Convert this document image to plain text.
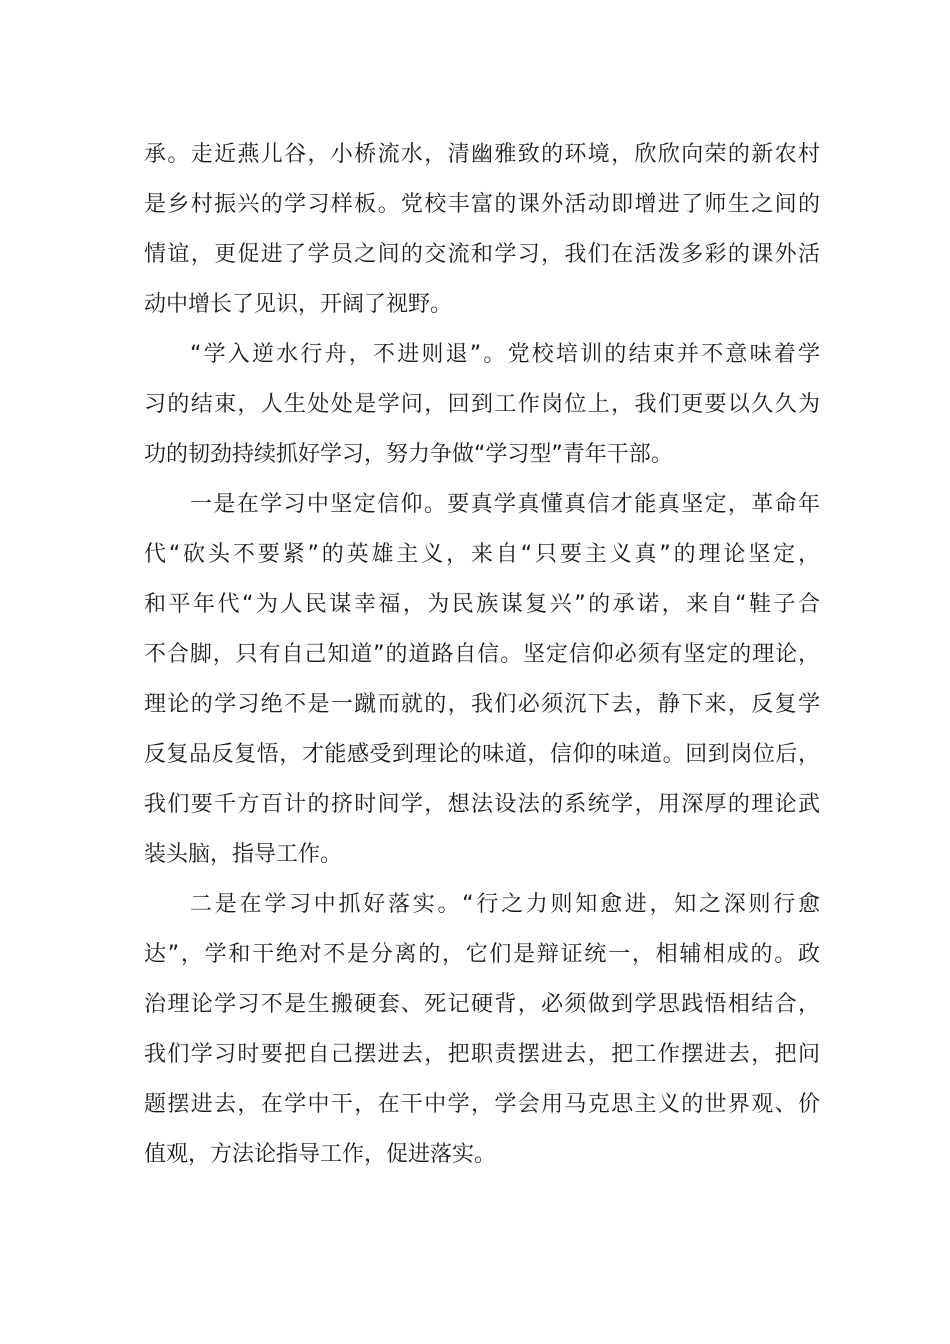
承。走近燕儿谷，小桥流水，清幽雅致的环境，欣欣向荣的新农村
是乡村振兴的学习样板。党校丰富的课外活动即增进了师生之间的
情谊，更促进了学员之间的交流和学习，我们在活泼多彩的课外活
动中增长了见识，开阔了视野。
“学入逆水行舟，不进则退”。党校培训的结束并不意味着学
习的结束，人生处处是学问，回到工作岗位上，我们更要以久久为
功的韧劲持续抓好学习，努力争做“学习型”青年干部。
一是在学习中坚定信仰。要真学真懂真信才能真坚定，革命年
代“砍头不要紧”的英雄主义，来自“只要主义真”的理论坚定，
和平年代“为人民谋幸福，为民族谋复兴”的承诺，来自“鞋子合
不合脚，只有自己知道”的道路自信。坚定信仰必须有坚定的理论，
理论的学习绝不是一蹴而就的，我们必须沉下去，静下来，反复学
反复品反复悟，才能感受到理论的味道，信仰的味道。回到岗位后，
我们要千方百计的挤时间学，想法设法的系统学，用深厚的理论武
装头脑，指导工作。
二是在学习中抓好落实。“行之力则知愈进，知之深则行愈
达”，学和干绝对不是分离的，它们是辩证统一，相辅相成的。政
治理论学习不是生搬硬套、死记硬背，必须做到学思践悟相结合，
我们学习时要把自己摆进去，把职责摆进去，把工作摆进去，把问
题摆进去，在学中干，在干中学，学会用马克思主义的世界观、价
值观，方法论指导工作，促进落实。
